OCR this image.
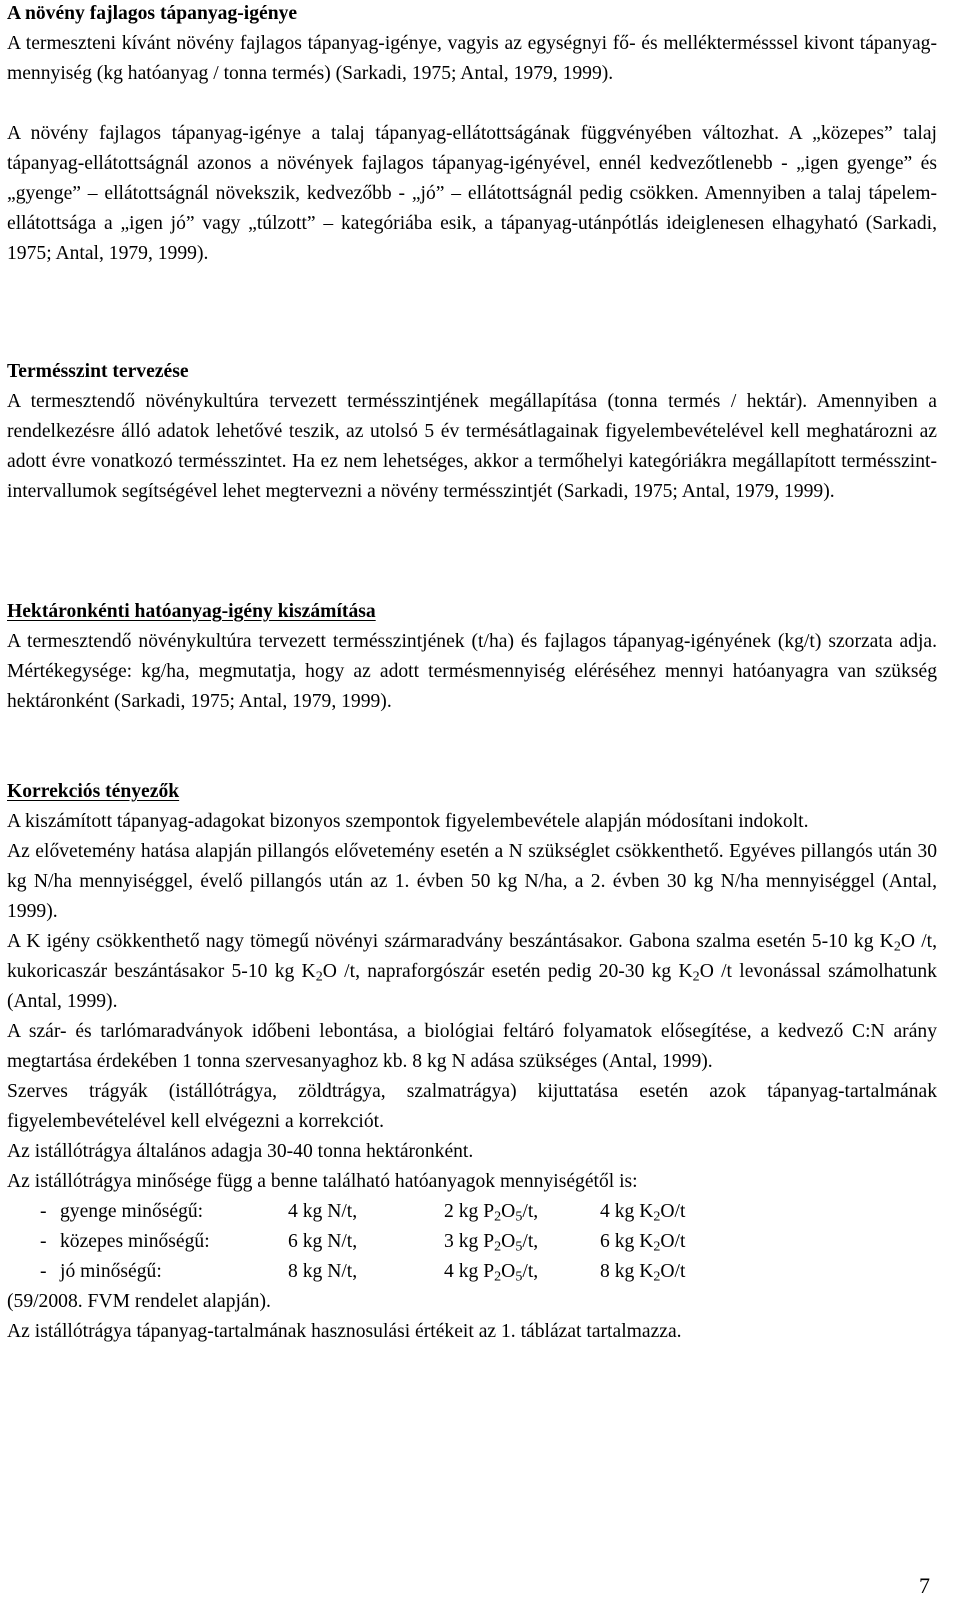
A növény fajlagos tápanyag-igénye

A termeszteni kívánt növény fajlagos tápanyag-igénye, vagyis az egységnyi fő- és melléktermésssel kivont tápanyag-mennyiség (kg hatóanyag / tonna termés) (Sarkadi, 1975; Antal, 1979, 1999).

A növény fajlagos tápanyag-igénye a talaj tápanyag-ellátottságának függvényében változhat. A „közepes” talaj tápanyag-ellátottságnál azonos a növények fajlagos tápanyag-igényével, ennél kedvezőtlenebb - „igen gyenge” és „gyenge” – ellátottságnál növekszik, kedvezőbb - „jó” – ellátottságnál pedig csökken. Amennyiben a talaj tápelem-ellátottsága a „igen jó” vagy „túlzott” – kategóriába esik, a tápanyag-utánpótlás ideiglenesen elhagyható (Sarkadi, 1975; Antal, 1979, 1999).

Termésszint tervezése

A termesztendő növénykultúra tervezett termésszintjének megállapítása (tonna termés / hektár). Amennyiben a rendelkezésre álló adatok lehetővé teszik, az utolsó 5 év termésátlagainak figyelembevételével kell meghatározni az adott évre vonatkozó termésszintet. Ha ez nem lehetséges, akkor a termőhelyi kategóriákra megállapított termésszint-intervallumok segítségével lehet megtervezni a növény termésszintjét (Sarkadi, 1975; Antal, 1979, 1999).

Hektáronkénti hatóanyag-igény kiszámítása

A termesztendő növénykultúra tervezett termésszintjének (t/ha) és fajlagos tápanyag-igényének (kg/t) szorzata adja. Mértékegysége: kg/ha, megmutatja, hogy az adott termésmennyiség eléréséhez mennyi hatóanyagra van szükség hektáronként (Sarkadi, 1975; Antal, 1979, 1999).

Korrekciós tényezők

A kiszámított tápanyag-adagokat bizonyos szempontok figyelembevétele alapján módosítani indokolt.

Az elővetemény hatása alapján pillangós elővetemény esetén a N szükséglet csökkenthető. Egyéves pillangós után 30 kg N/ha mennyiséggel, évelő pillangós után az 1. évben 50 kg N/ha, a 2. évben 30 kg N/ha mennyiséggel (Antal, 1999).

A K igény csökkenthető nagy tömegű növényi szármaradvány beszántásakor. Gabona szalma esetén 5-10 kg $K_2O$ /t, kukoricaszár beszántásakor 5-10 kg $K_2O$ /t, napraforgószár esetén pedig 20-30 kg $K_2O$ /t levonással számolhatunk (Antal, 1999).

A szár- és tarlómaradványok időbeni lebontása, a biológiai feltáró folyamatok elősegítése, a kedvező C:N arány megtartása érdekében 1 tonna szervesanyaghoz kb. 8 kg N adása szükséges (Antal, 1999).

Szerves trágyák (istállótrágya, zöldtrágya, szalmatrágya) kijuttatása esetén azok tápanyag-tartalmának figyelembevételével kell elvégezni a korrekciót.

Az istállótrágya általános adagja 30-40 tonna hektáronként.

Az istállótrágya minősége függ a benne található hatóanyagok mennyiségétől is:

- gyenge minőségű:	4 kg N/t,	2 kg $P_2O_5/t$,	4 kg $K_2O/t$
- közepes minőségű:	6 kg N/t,	3 kg $P_2O_5/t$,	6 kg $K_2O/t$
- jó minőségű:	8 kg N/t,	4 kg $P_2O_5/t$,	8 kg $K_2O/t$

(59/2008. FVM rendelet alapján).

Az istállótrágya tápanyag-tartalmának hasznosulási értékeit az 1. táblázat tartalmazza.

7
